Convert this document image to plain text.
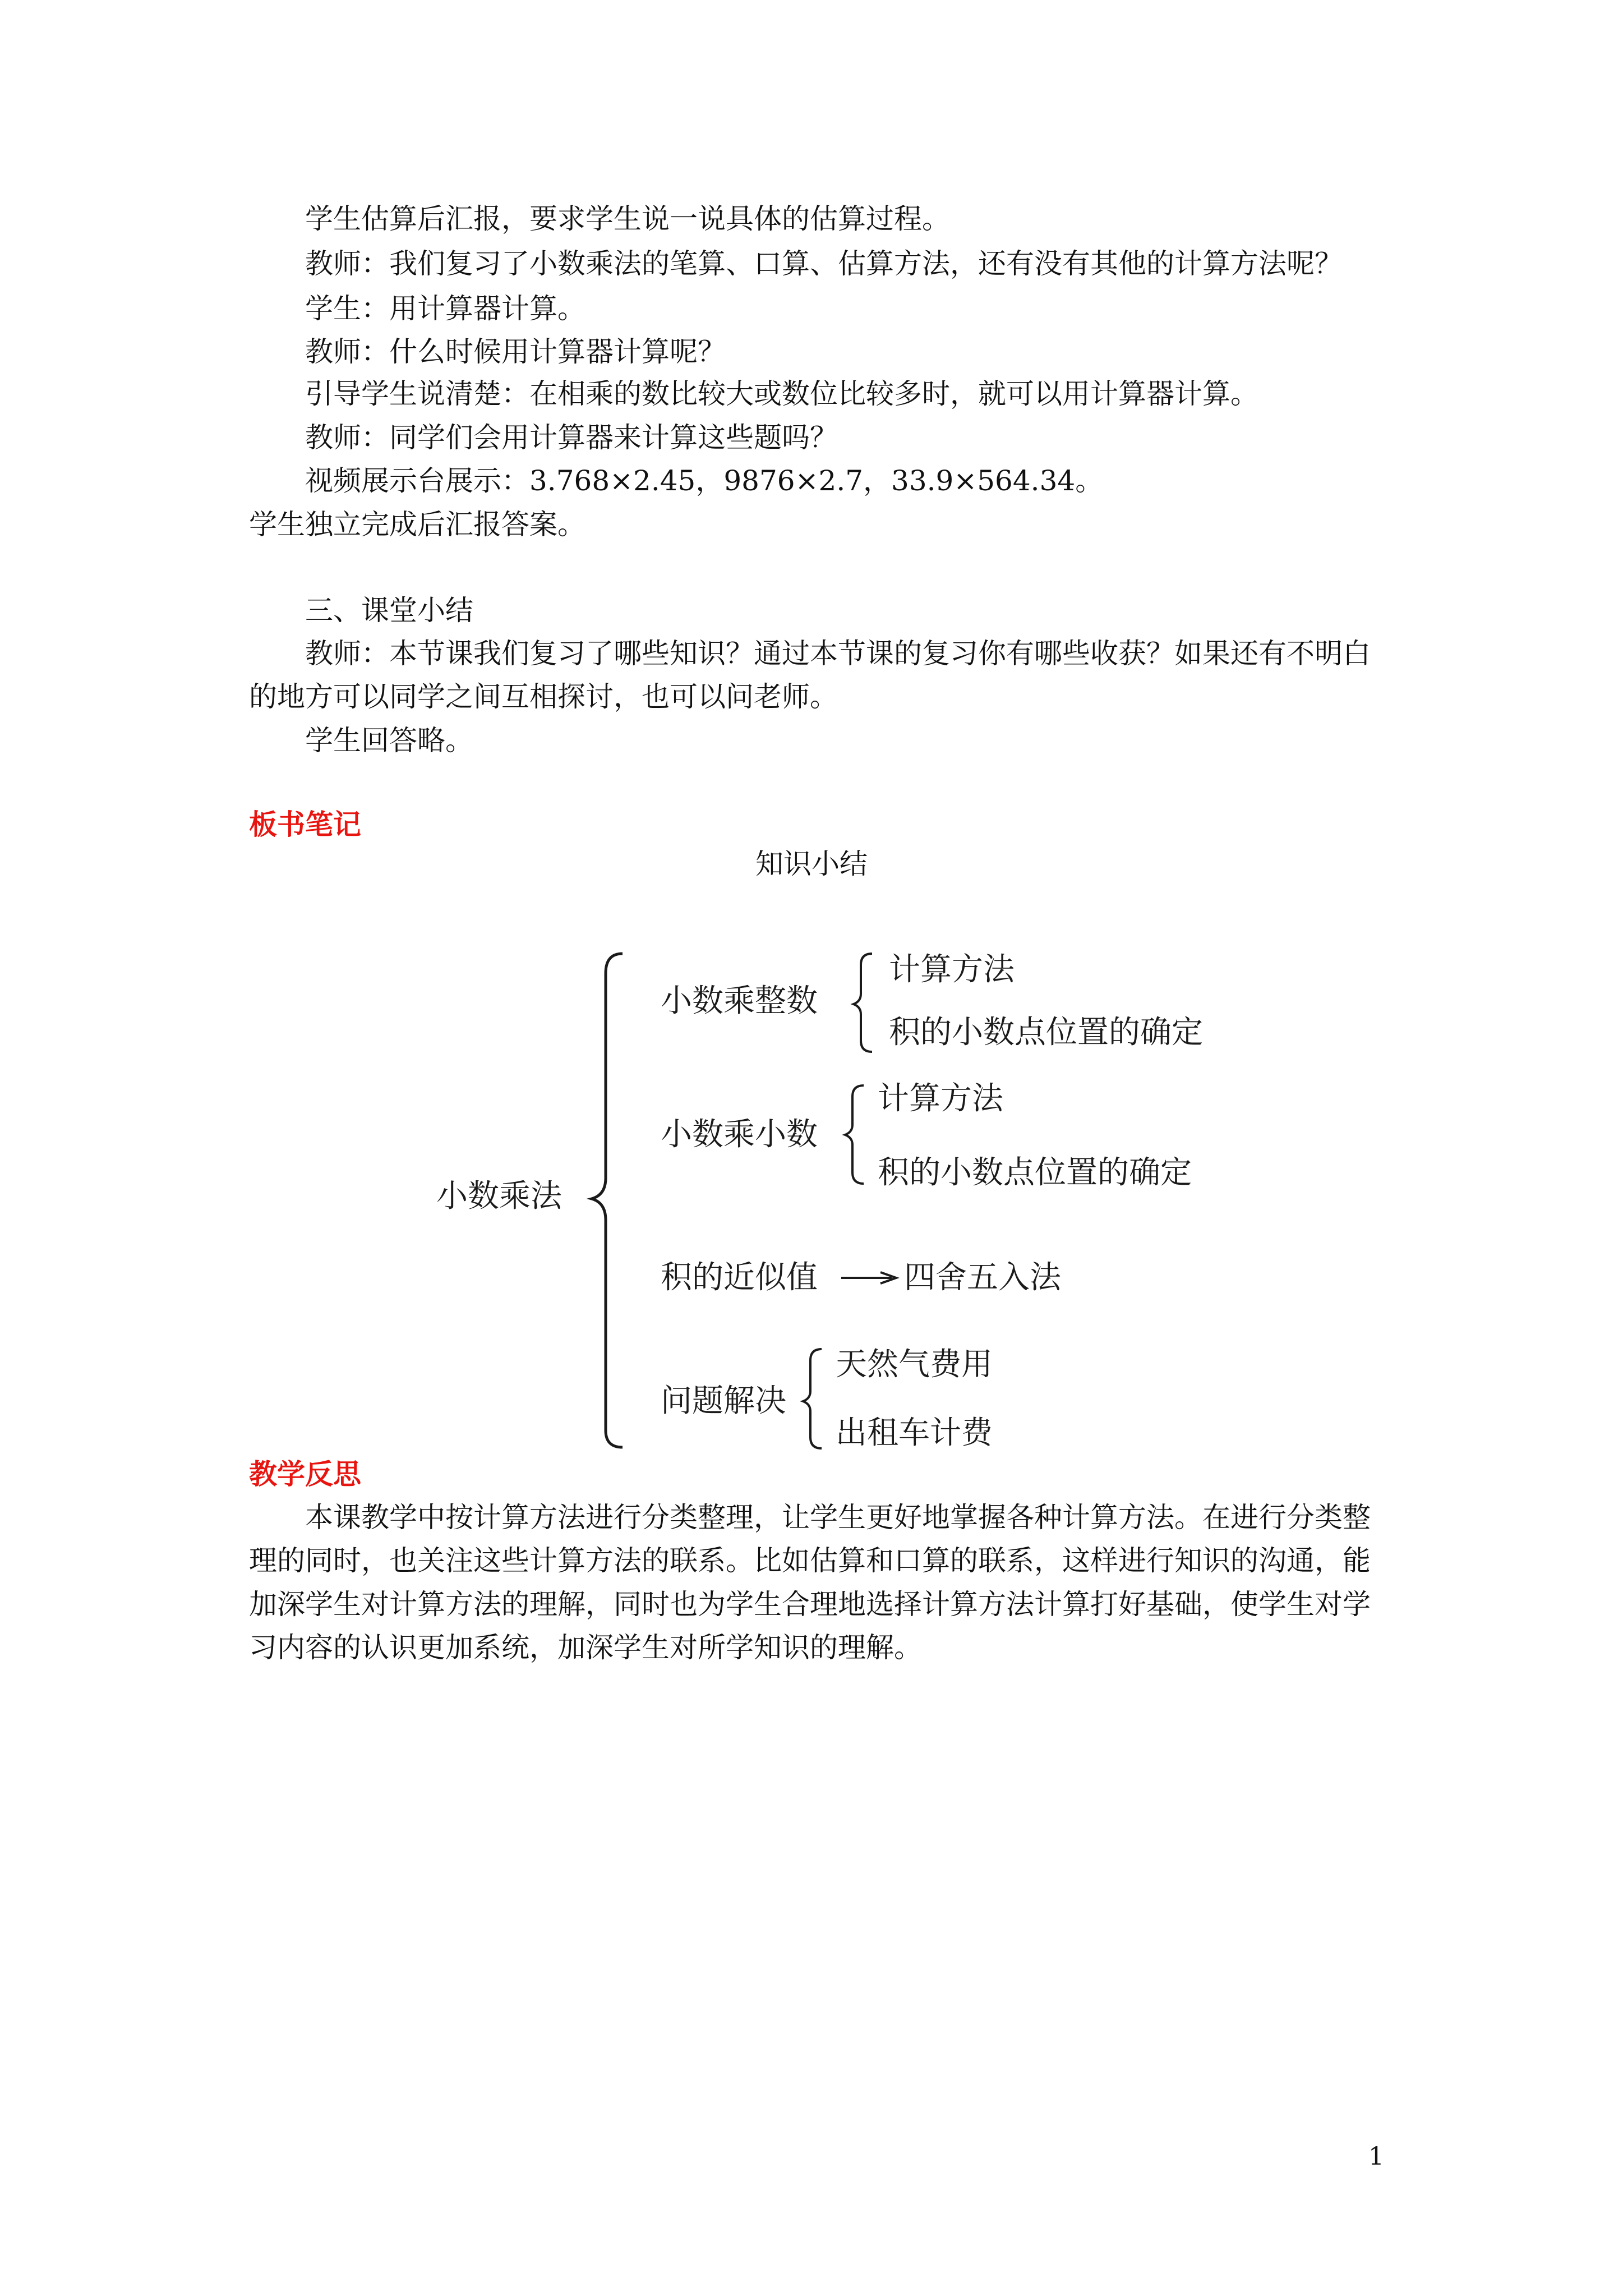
学生估算后汇报，要求学生说一说具体的估算过程。
教师：我们复习了小数乘法的笔算、口算、估算方法，还有没有其他的计算方法呢？
学生：用计算器计算。
教师：什么时候用计算器计算呢？
引导学生说清楚：在相乘的数比较大或数位比较多时，就可以用计算器计算。
教师：同学们会用计算器来计算这些题吗？
视频展示台展示：3.768×2.45，9876×2.7，33.9×564.34。
学生独立完成后汇报答案。
三、课堂小结
教师：本节课我们复习了哪些知识？通过本节课的复习你有哪些收获？如果还有不明白
的地方可以同学之间互相探讨，也可以问老师。
学生回答略。
板书笔记
知识小结
小数乘法
小数乘整数
计算方法
积的小数点位置的确定
小数乘小数
计算方法
积的小数点位置的确定
积的近似值	四舍五入法
问题解决
天然气费用
出租车计费
教学反思
本课教学中按计算方法进行分类整理，让学生更好地掌握各种计算方法。在进行分类整
理的同时，也关注这些计算方法的联系。比如估算和口算的联系，这样进行知识的沟通，能
加深学生对计算方法的理解，同时也为学生合理地选择计算方法计算打好基础，使学生对学
习内容的认识更加系统，加深学生对所学知识的理解。
1
